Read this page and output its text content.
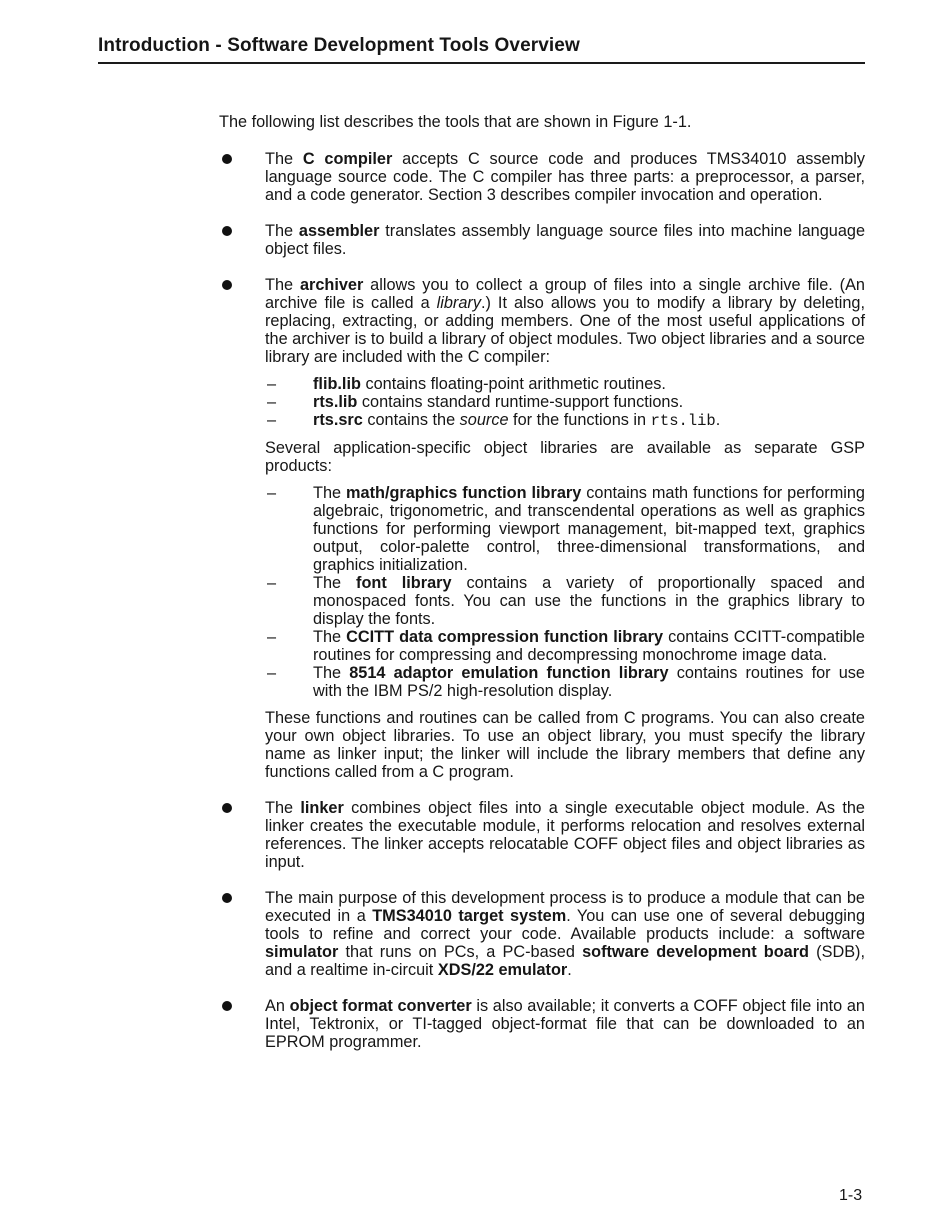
Introduction - Software Development Tools Overview

The following list describes the tools that are shown in Figure 1-1.

The C compiler accepts C source code and produces TMS34010 assembly language source code. The C compiler has three parts: a preprocessor, a parser, and a code generator. Section 3 describes compiler invocation and operation.
The assembler translates assembly language source files into machine language object files.
The archiver allows you to collect a group of files into a single archive file. (An archive file is called a library.) It also allows you to modify a library by deleting, replacing, extracting, or adding members. One of the most useful applications of the archiver is to build a library of object modules. Two object libraries and a source library are included with the C compiler:
– flib.lib contains floating-point arithmetic routines.
– rts.lib contains standard runtime-support functions.
– rts.src contains the source for the functions in rts.lib.

Several application-specific object libraries are available as separate GSP products:

– The math/graphics function library contains math functions for performing algebraic, trigonometric, and transcendental operations as well as graphics functions for performing viewport management, bit-mapped text, graphics output, color-palette control, three-dimensional transformations, and graphics initialization.
– The font library contains a variety of proportionally spaced and monospaced fonts. You can use the functions in the graphics library to display the fonts.
– The CCITT data compression function library contains CCITT-compatible routines for compressing and decompressing monochrome image data.
– The 8514 adaptor emulation function library contains routines for use with the IBM PS/2 high-resolution display.

These functions and routines can be called from C programs. You can also create your own object libraries. To use an object library, you must specify the library name as linker input; the linker will include the library members that define any functions called from a C program.

The linker combines object files into a single executable object module. As the linker creates the executable module, it performs relocation and resolves external references. The linker accepts relocatable COFF object files and object libraries as input.
The main purpose of this development process is to produce a module that can be executed in a TMS34010 target system. You can use one of several debugging tools to refine and correct your code. Available products include: a software simulator that runs on PCs, a PC-based software development board (SDB), and a realtime in-circuit XDS/22 emulator.
An object format converter is also available; it converts a COFF object file into an Intel, Tektronix, or TI-tagged object-format file that can be downloaded to an EPROM programmer.
1-3
